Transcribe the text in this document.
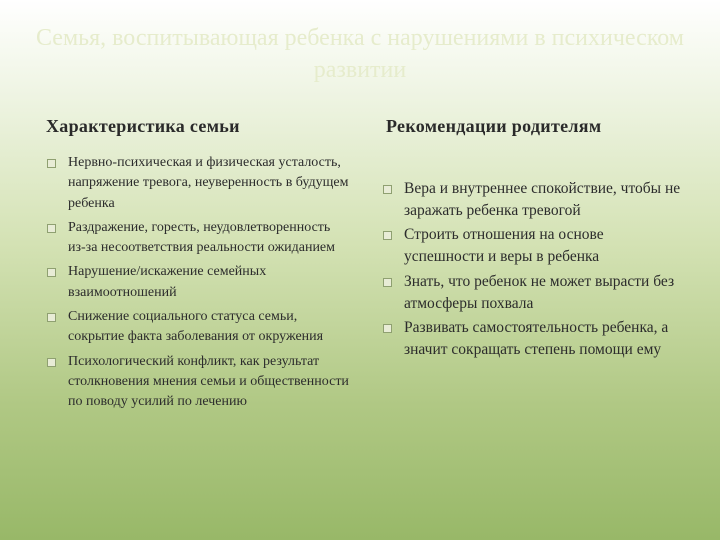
Семья, воспитывающая ребенка с нарушениями в психическом развитии
Характеристика семьи
Нервно-психическая и физическая усталость, напряжение тревога, неуверенность в будущем ребенка
Раздражение, горесть, неудовлетворенность из-за несоответствия реальности ожиданием
Нарушение/искажение семейных взаимоотношений
Снижение социального статуса семьи, сокрытие факта заболевания от окружения
Психологический конфликт, как результат столкновения мнения семьи и общественности по поводу усилий по лечению
Рекомендации родителям
Вера и внутреннее спокойствие, чтобы не заражать ребенка тревогой
Строить отношения на основе успешности и веры в ребенка
Знать, что ребенок не может вырасти без атмосферы похвала
Развивать самостоятельность ребенка, а значит сокращать степень помощи ему
